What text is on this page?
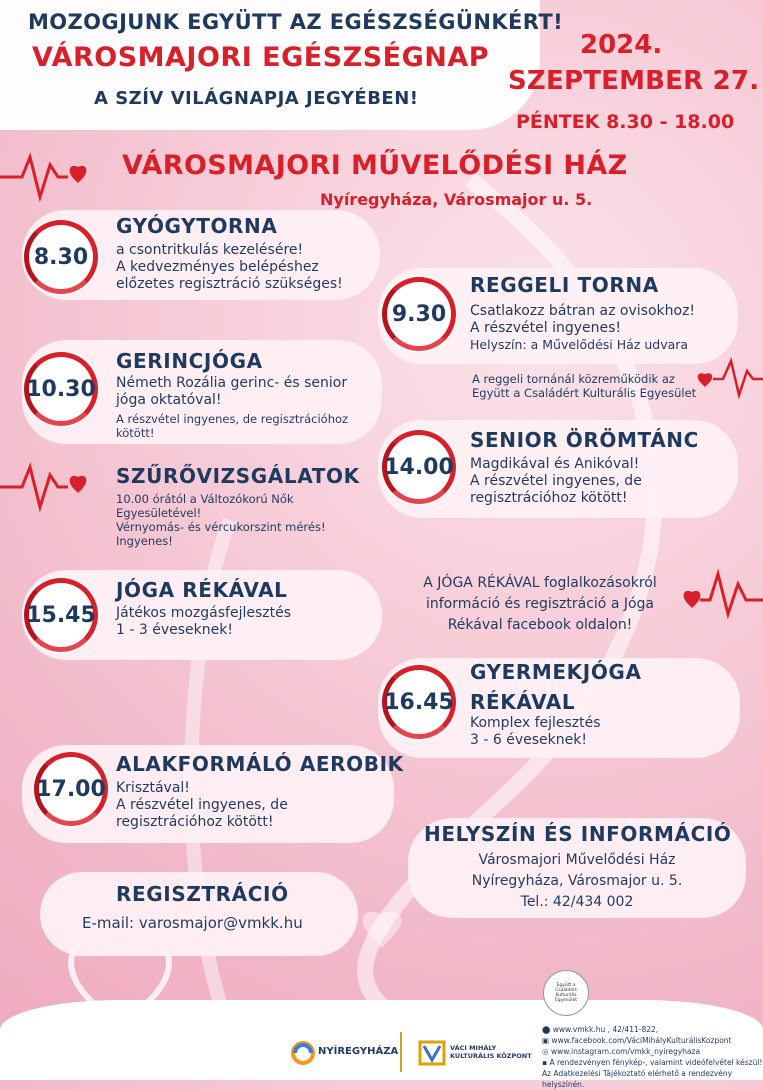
MOZOGJUNK EGYÜTT AZ EGÉSZSÉGÜNKÉRT!
VÁROSMAJORI EGÉSZSÉGNAP
A SZÍV VILÁGNAPJA JEGYÉBEN!
2024.
SZEPTEMBER 27.
PÉNTEK 8.30 - 18.00
VÁROSMAJORI MŰVELŐDÉSI HÁZ
Nyíregyháza, Városmajor u. 5.
8.30
GYÓGYTORNA
a csontritkulás kezelésére!
A kedvezményes belépéshez
előzetes regisztráció szükséges!
9.30
REGGELI TORNA
Csatlakozz bátran az ovisokhoz!
A részvétel ingyenes!
Helyszín: a Művelődési Ház udvara
A reggeli tornánál közreműködik az
Együtt a Családért Kulturális Egyesület
10.30
GERINCJÓGA
Németh Rozália gerinc- és senior
jóga oktatóval!
A részvétel ingyenes, de regisztrációhoz
kötött!
14.00
SENIOR ÖRÖMTÁNC
Magdikával és Anikóval!
A részvétel ingyenes, de
regisztrációhoz kötött!
SZŰRŐVIZSGÁLATOK
10.00 órától a Változókorú Nők
Egyesületével!
Vérnyomás- és vércukorszint mérés!
Ingyenes!
15.45
JÓGA RÉKÁVAL
Játékos mozgásfejlesztés
1 - 3 éveseknek!
A JÓGA RÉKÁVAL foglalkozásokról
információ és regisztráció a Jóga
Rékával facebook oldalon!
16.45
GYERMEKJÓGA
RÉKÁVAL
Komplex fejlesztés
3 - 6 éveseknek!
17.00
ALAKFORMÁLÓ AEROBIK
Krisztával!
A részvétel ingyenes, de
regisztrációhoz kötött!
REGISZTRÁCIÓ
E-mail: varosmajor@vmkk.hu
HELYSZÍN ÉS INFORMÁCIÓ
Városmajori Művelődési Ház
Nyíregyháza, Városmajor u. 5.
Tel.: 42/434 002
NYÍREGYHÁZA	VÁCI MIHÁLY
KULTURÁLIS KÖZPONT
Együtt a Családért Kulturális Egyesület
⬤ www.vmkk.hu , 42/411-822,
▣ www.facebook.com/VáciMihályKulturálisKozpont
◎ www.instagram.com/vmkk_nyiregyhaza
▪ A rendezvényen fénykép-, valamint videófelvétel készül!
Az Adatkezelési Tájékoztató elérhető a rendezvény helyszínén.
